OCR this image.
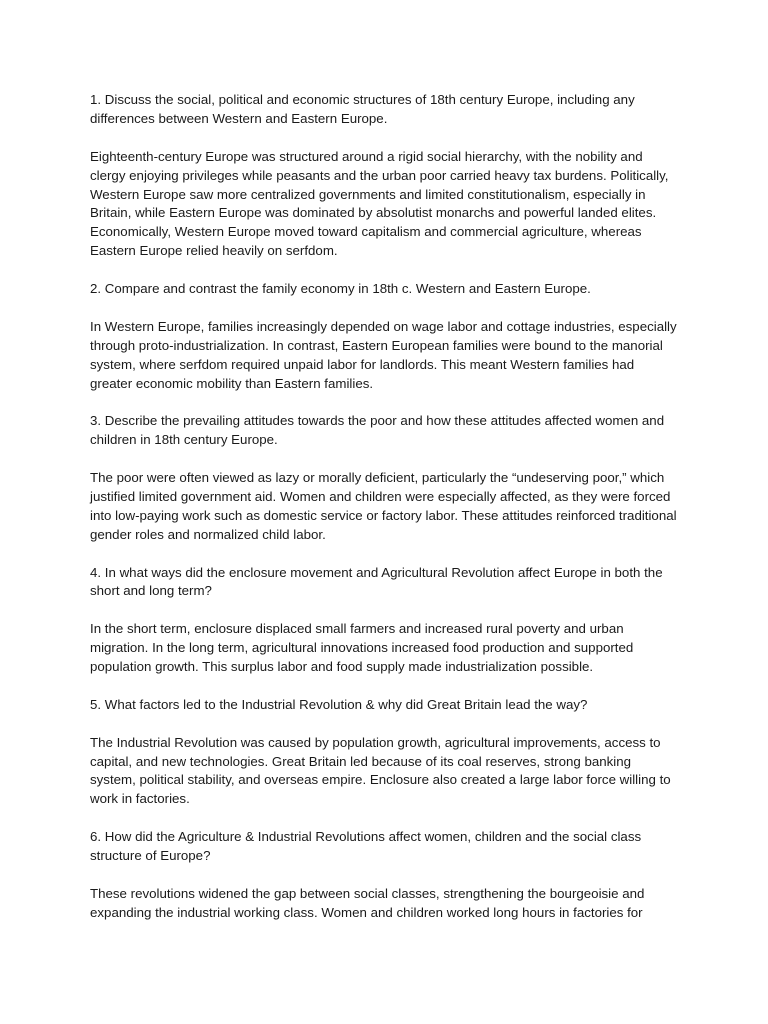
1. Discuss the social, political and economic structures of 18th century Europe, including any differences between Western and Eastern Europe.

Eighteenth-century Europe was structured around a rigid social hierarchy, with the nobility and clergy enjoying privileges while peasants and the urban poor carried heavy tax burdens. Politically, Western Europe saw more centralized governments and limited constitutionalism, especially in Britain, while Eastern Europe was dominated by absolutist monarchs and powerful landed elites. Economically, Western Europe moved toward capitalism and commercial agriculture, whereas Eastern Europe relied heavily on serfdom.

2. Compare and contrast the family economy in 18th c. Western and Eastern Europe.

In Western Europe, families increasingly depended on wage labor and cottage industries, especially through proto-industrialization. In contrast, Eastern European families were bound to the manorial system, where serfdom required unpaid labor for landlords. This meant Western families had greater economic mobility than Eastern families.

3. Describe the prevailing attitudes towards the poor and how these attitudes affected women and children in 18th century Europe.

The poor were often viewed as lazy or morally deficient, particularly the “undeserving poor,” which justified limited government aid. Women and children were especially affected, as they were forced into low-paying work such as domestic service or factory labor. These attitudes reinforced traditional gender roles and normalized child labor.

4. In what ways did the enclosure movement and Agricultural Revolution affect Europe in both the short and long term?

In the short term, enclosure displaced small farmers and increased rural poverty and urban migration. In the long term, agricultural innovations increased food production and supported population growth. This surplus labor and food supply made industrialization possible.

5. What factors led to the Industrial Revolution & why did Great Britain lead the way?

The Industrial Revolution was caused by population growth, agricultural improvements, access to capital, and new technologies. Great Britain led because of its coal reserves, strong banking system, political stability, and overseas empire. Enclosure also created a large labor force willing to work in factories.

6. How did the Agriculture & Industrial Revolutions affect women, children and the social class structure of Europe?

These revolutions widened the gap between social classes, strengthening the bourgeoisie and expanding the industrial working class. Women and children worked long hours in factories for
